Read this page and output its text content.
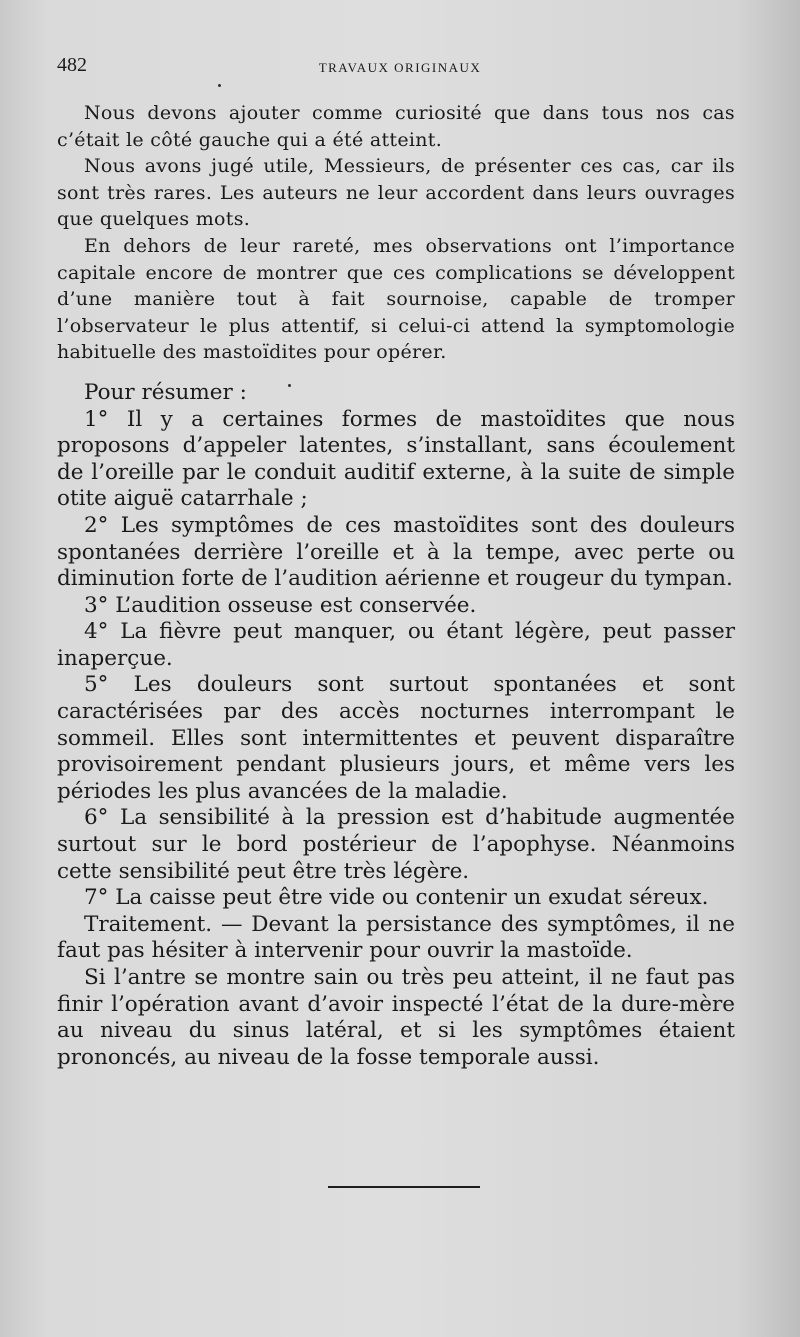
482	TRAVAUX ORIGINAUX

Nous devons ajouter comme curiosité que dans tous nos cas c’était le côté gauche qui a été atteint.

Nous avons jugé utile, Messieurs, de présenter ces cas, car ils sont très rares. Les auteurs ne leur accordent dans leurs ouvrages que quelques mots.

En dehors de leur rareté, mes observations ont l’importance capitale encore de montrer que ces complications se développent d’une manière tout à fait sournoise, capable de tromper l’observateur le plus attentif, si celui-ci attend la symptomologie habituelle des mastoïdites pour opérer.

Pour résumer :

1° Il y a certaines formes de mastoïdites que nous proposons d’appeler latentes, s’installant, sans écoulement de l’oreille par le conduit auditif externe, à la suite de simple otite aiguë catarrhale ;

2° Les symptômes de ces mastoïdites sont des douleurs spontanées derrière l’oreille et à la tempe, avec perte ou diminution forte de l’audition aérienne et rougeur du tympan.

3° L’audition osseuse est conservée.

4° La fièvre peut manquer, ou étant légère, peut passer inaperçue.

5° Les douleurs sont surtout spontanées et sont caractérisées par des accès nocturnes interrompant le sommeil. Elles sont intermittentes et peuvent disparaître provisoirement pendant plusieurs jours, et même vers les périodes les plus avancées de la maladie.

6° La sensibilité à la pression est d’habitude augmentée surtout sur le bord postérieur de l’apophyse. Néanmoins cette sensibilité peut être très légère.

7° La caisse peut être vide ou contenir un exudat séreux.

Traitement. — Devant la persistance des symptômes, il ne faut pas hésiter à intervenir pour ouvrir la mastoïde.

Si l’antre se montre sain ou très peu atteint, il ne faut pas finir l’opération avant d’avoir inspecté l’état de la dure-mère au niveau du sinus latéral, et si les symptômes étaient prononcés, au niveau de la fosse temporale aussi.
